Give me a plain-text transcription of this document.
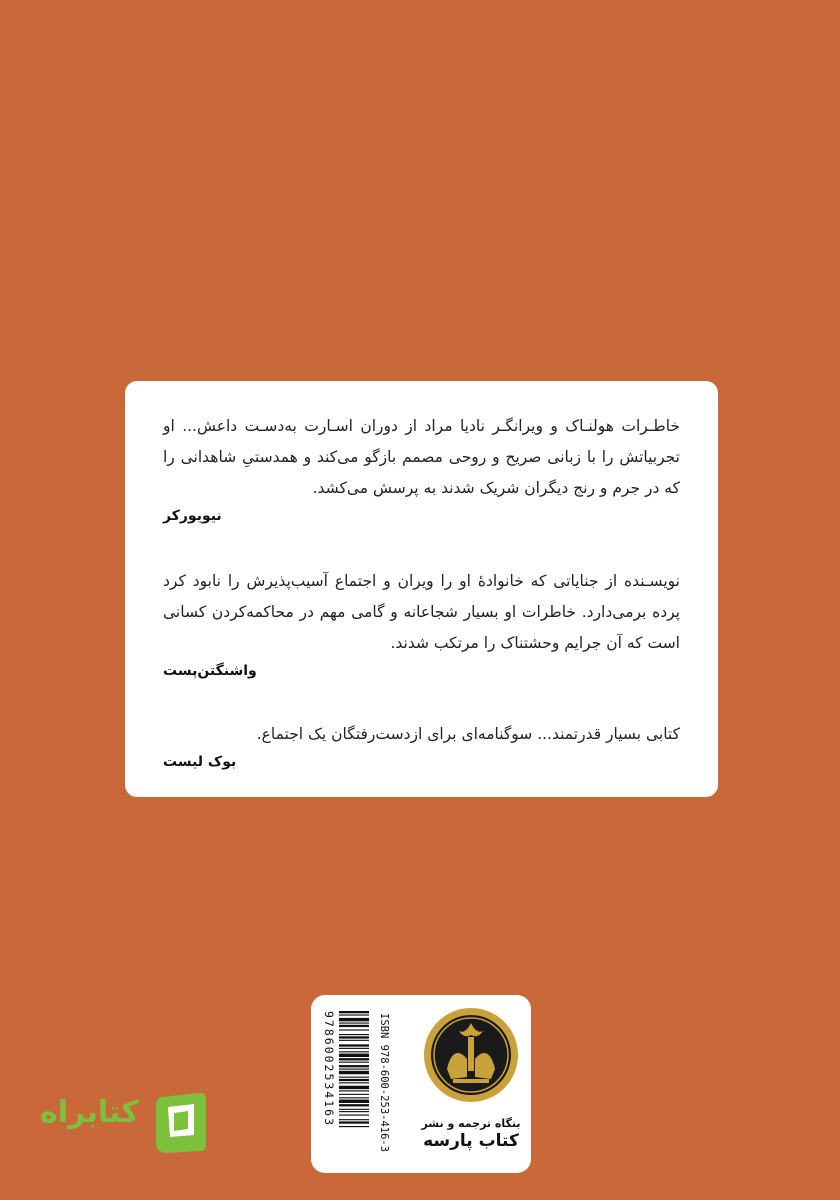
خاطـرات هولنـاک و ویرانگـر نادیا مراد از دوران اسـارت به‌دسـت داعش... او تجربیاتش را با زبانی صریح و روحی مصمم بازگو می‌کند و همدستیِ شاهدانی را که در جرم و رنج دیگران شریک شدند به پرسش می‌کشد.

نیویورکر

نویسـنده از جنایاتی که خانوادهٔ او را ویران و اجتماع آسیب‌پذیرش را نابود کرد پرده برمی‌دارد. خاطرات او بسیار شجاعانه و گامی مهم در محاکمه‌کردن کسانی است که آن جرایم وحشتناک را مرتکب شدند.

واشنگتن‌پست

کتابی بسیار قدرتمند... سوگنامه‌ای برای ازدست‌رفتگان یک اجتماع.

بوک لیست

ISBN 978-600-253-416-3
9786002534163	بنگاه ترجمه و نشر
کتاب پارسه
کتابراه
